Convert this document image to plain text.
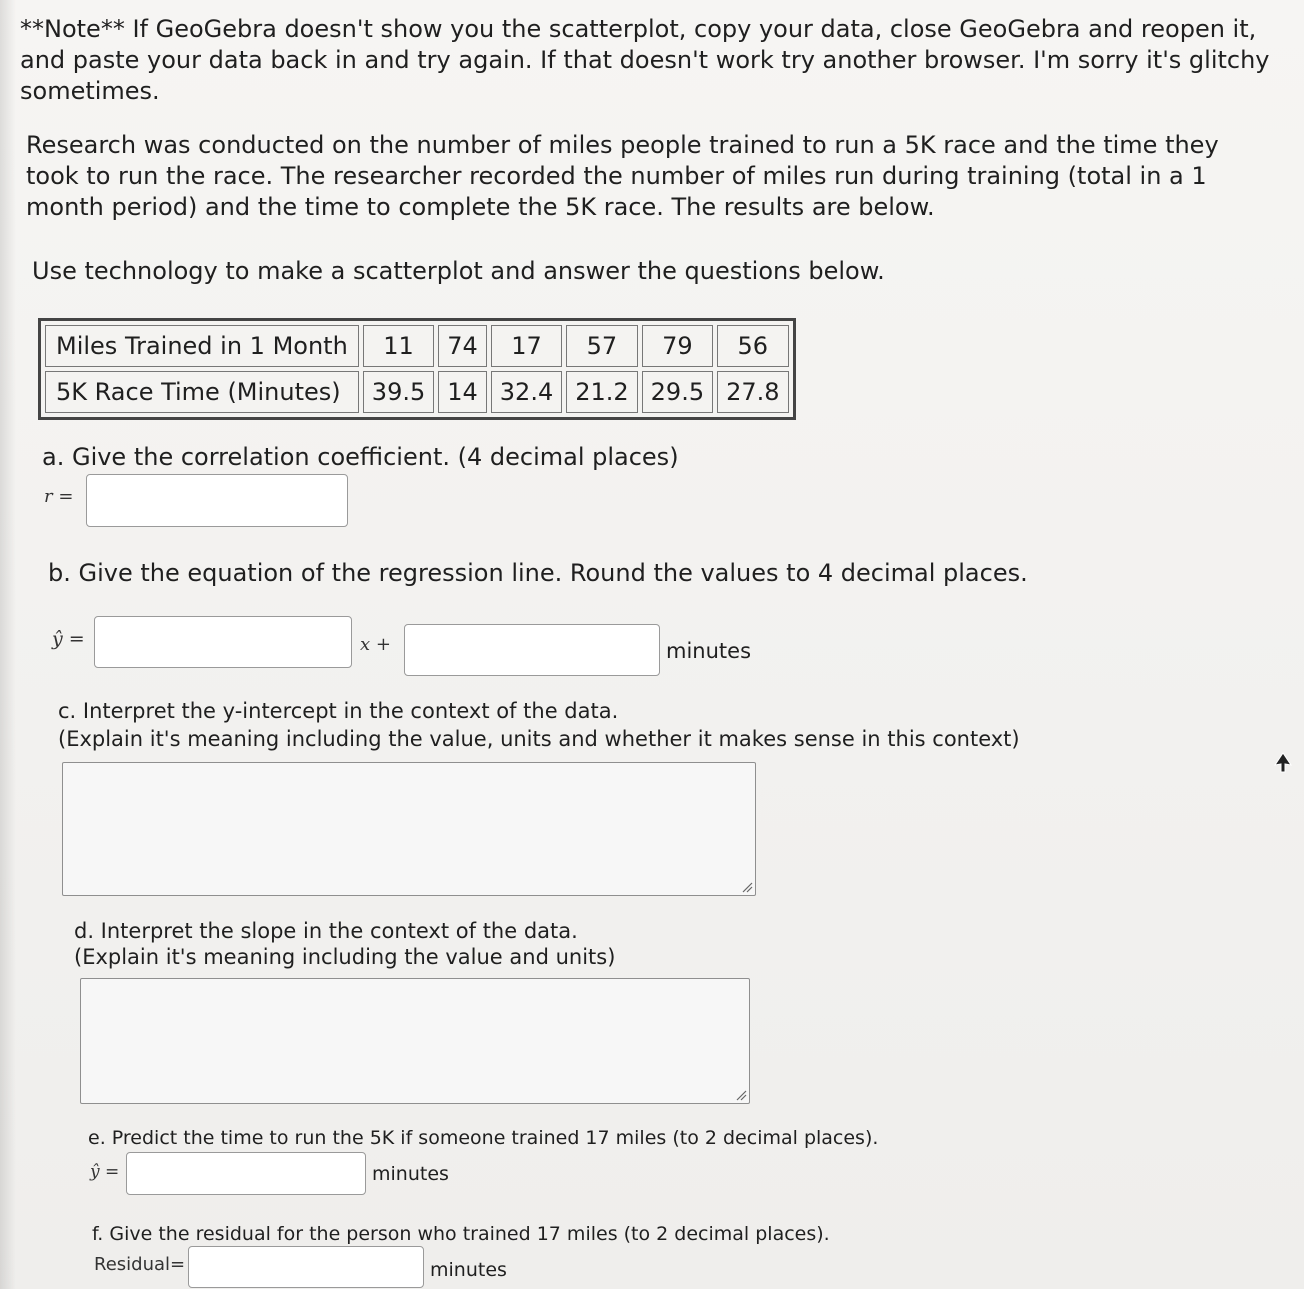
**Note** If GeoGebra doesn't show you the scatterplot, copy your data, close GeoGebra and reopen it, and paste your data back in and try again. If that doesn't work try another browser. I'm sorry it's glitchy sometimes.
Research was conducted on the number of miles people trained to run a 5K race and the time they took to run the race. The researcher recorded the number of miles run during training (total in a 1 month period) and the time to complete the 5K race. The results are below.
Use technology to make a scatterplot and answer the questions below.
Miles Trained in 1 Month	11	74	17	57	79	56
5K Race Time (Minutes)	39.5	14	32.4	21.2	29.5	27.8
a. Give the correlation coefficient. (4 decimal places)
r =
b. Give the equation of the regression line. Round the values to 4 decimal places.
ŷ =	x +	minutes
c. Interpret the y-intercept in the context of the data.
(Explain it's meaning including the value, units and whether it makes sense in this context)
d. Interpret the slope in the context of the data.
(Explain it's meaning including the value and units)
e. Predict the time to run the 5K if someone trained 17 miles (to 2 decimal places).
ŷ =	minutes
f. Give the residual for the person who trained 17 miles (to 2 decimal places).
Residual=	minutes
